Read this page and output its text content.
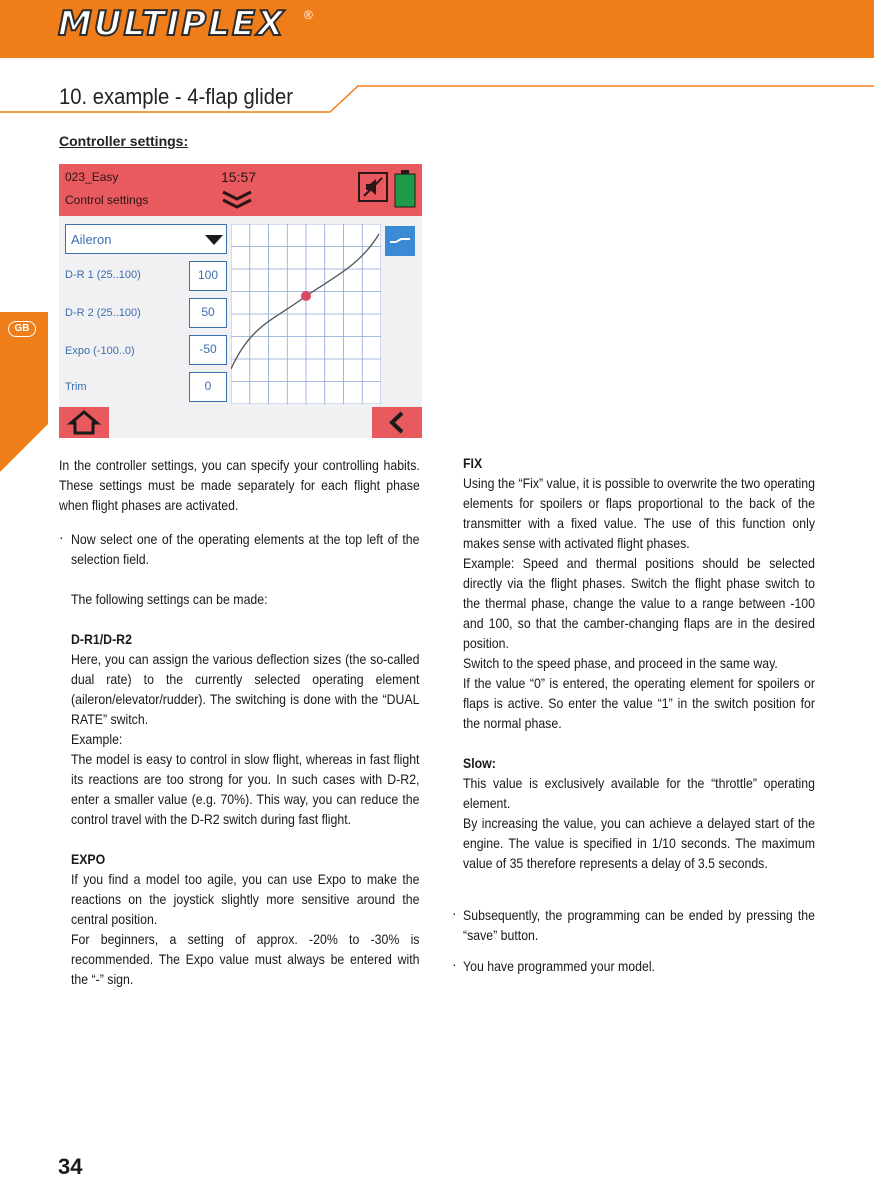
MULTIPLEX ®
10. example - 4-flap glider
Controller settings:
GB
023_Easy
Control settings
15:57
Aileron
D-R 1 (25..100)
D-R 2 (25..100)
Expo (-100..0)
Trim
100
50
-50
0

In the controller settings, you can specify your controlling habits. These settings must be made separately for each flight phase when flight phases are activated.

· Now select one of the operating elements at the top left of the selection field.

The following settings can be made:

D-R1/D-R2

Here, you can assign the various deflection sizes (the so-called dual rate) to the currently selected operating element (aileron/elevator/rudder). The switching is done with the “DUAL RATE” switch.

Example:

The model is easy to control in slow flight, whereas in fast flight its reactions are too strong for you. In such cases with D-R2, enter a smaller value (e.g. 70%). This way, you can reduce the control travel with the D-R2 switch during fast flight.

EXPO

If you find a model too agile, you can use Expo to make the reactions on the joystick slightly more sensitive around the central position.

For beginners, a setting of approx. -20% to -30% is recommended. The Expo value must always be entered with the “-” sign.

FIX

Using the “Fix” value, it is possible to overwrite the two operating elements for spoilers or flaps proportional to the back of the transmitter with a fixed value. The use of this function only makes sense with activated flight phases.

Example: Speed and thermal positions should be selected directly via the flight phases. Switch the flight phase switch to the thermal phase, change the value to a range between -100 and 100, so that the camber-changing flaps are in the desired position.

Switch to the speed phase, and proceed in the same way.

If the value “0” is entered, the operating element for spoilers or flaps is active. So enter the value “1” in the switch position for the normal phase.

Slow:

This value is exclusively available for the “throttle” operating element.

By increasing the value, you can achieve a delayed start of the engine. The value is specified in 1/10 seconds. The maximum value of 35 therefore represents a delay of 3.5 seconds.

· Subsequently, the programming can be ended by pressing the “save” button.

· You have programmed your model.

34
